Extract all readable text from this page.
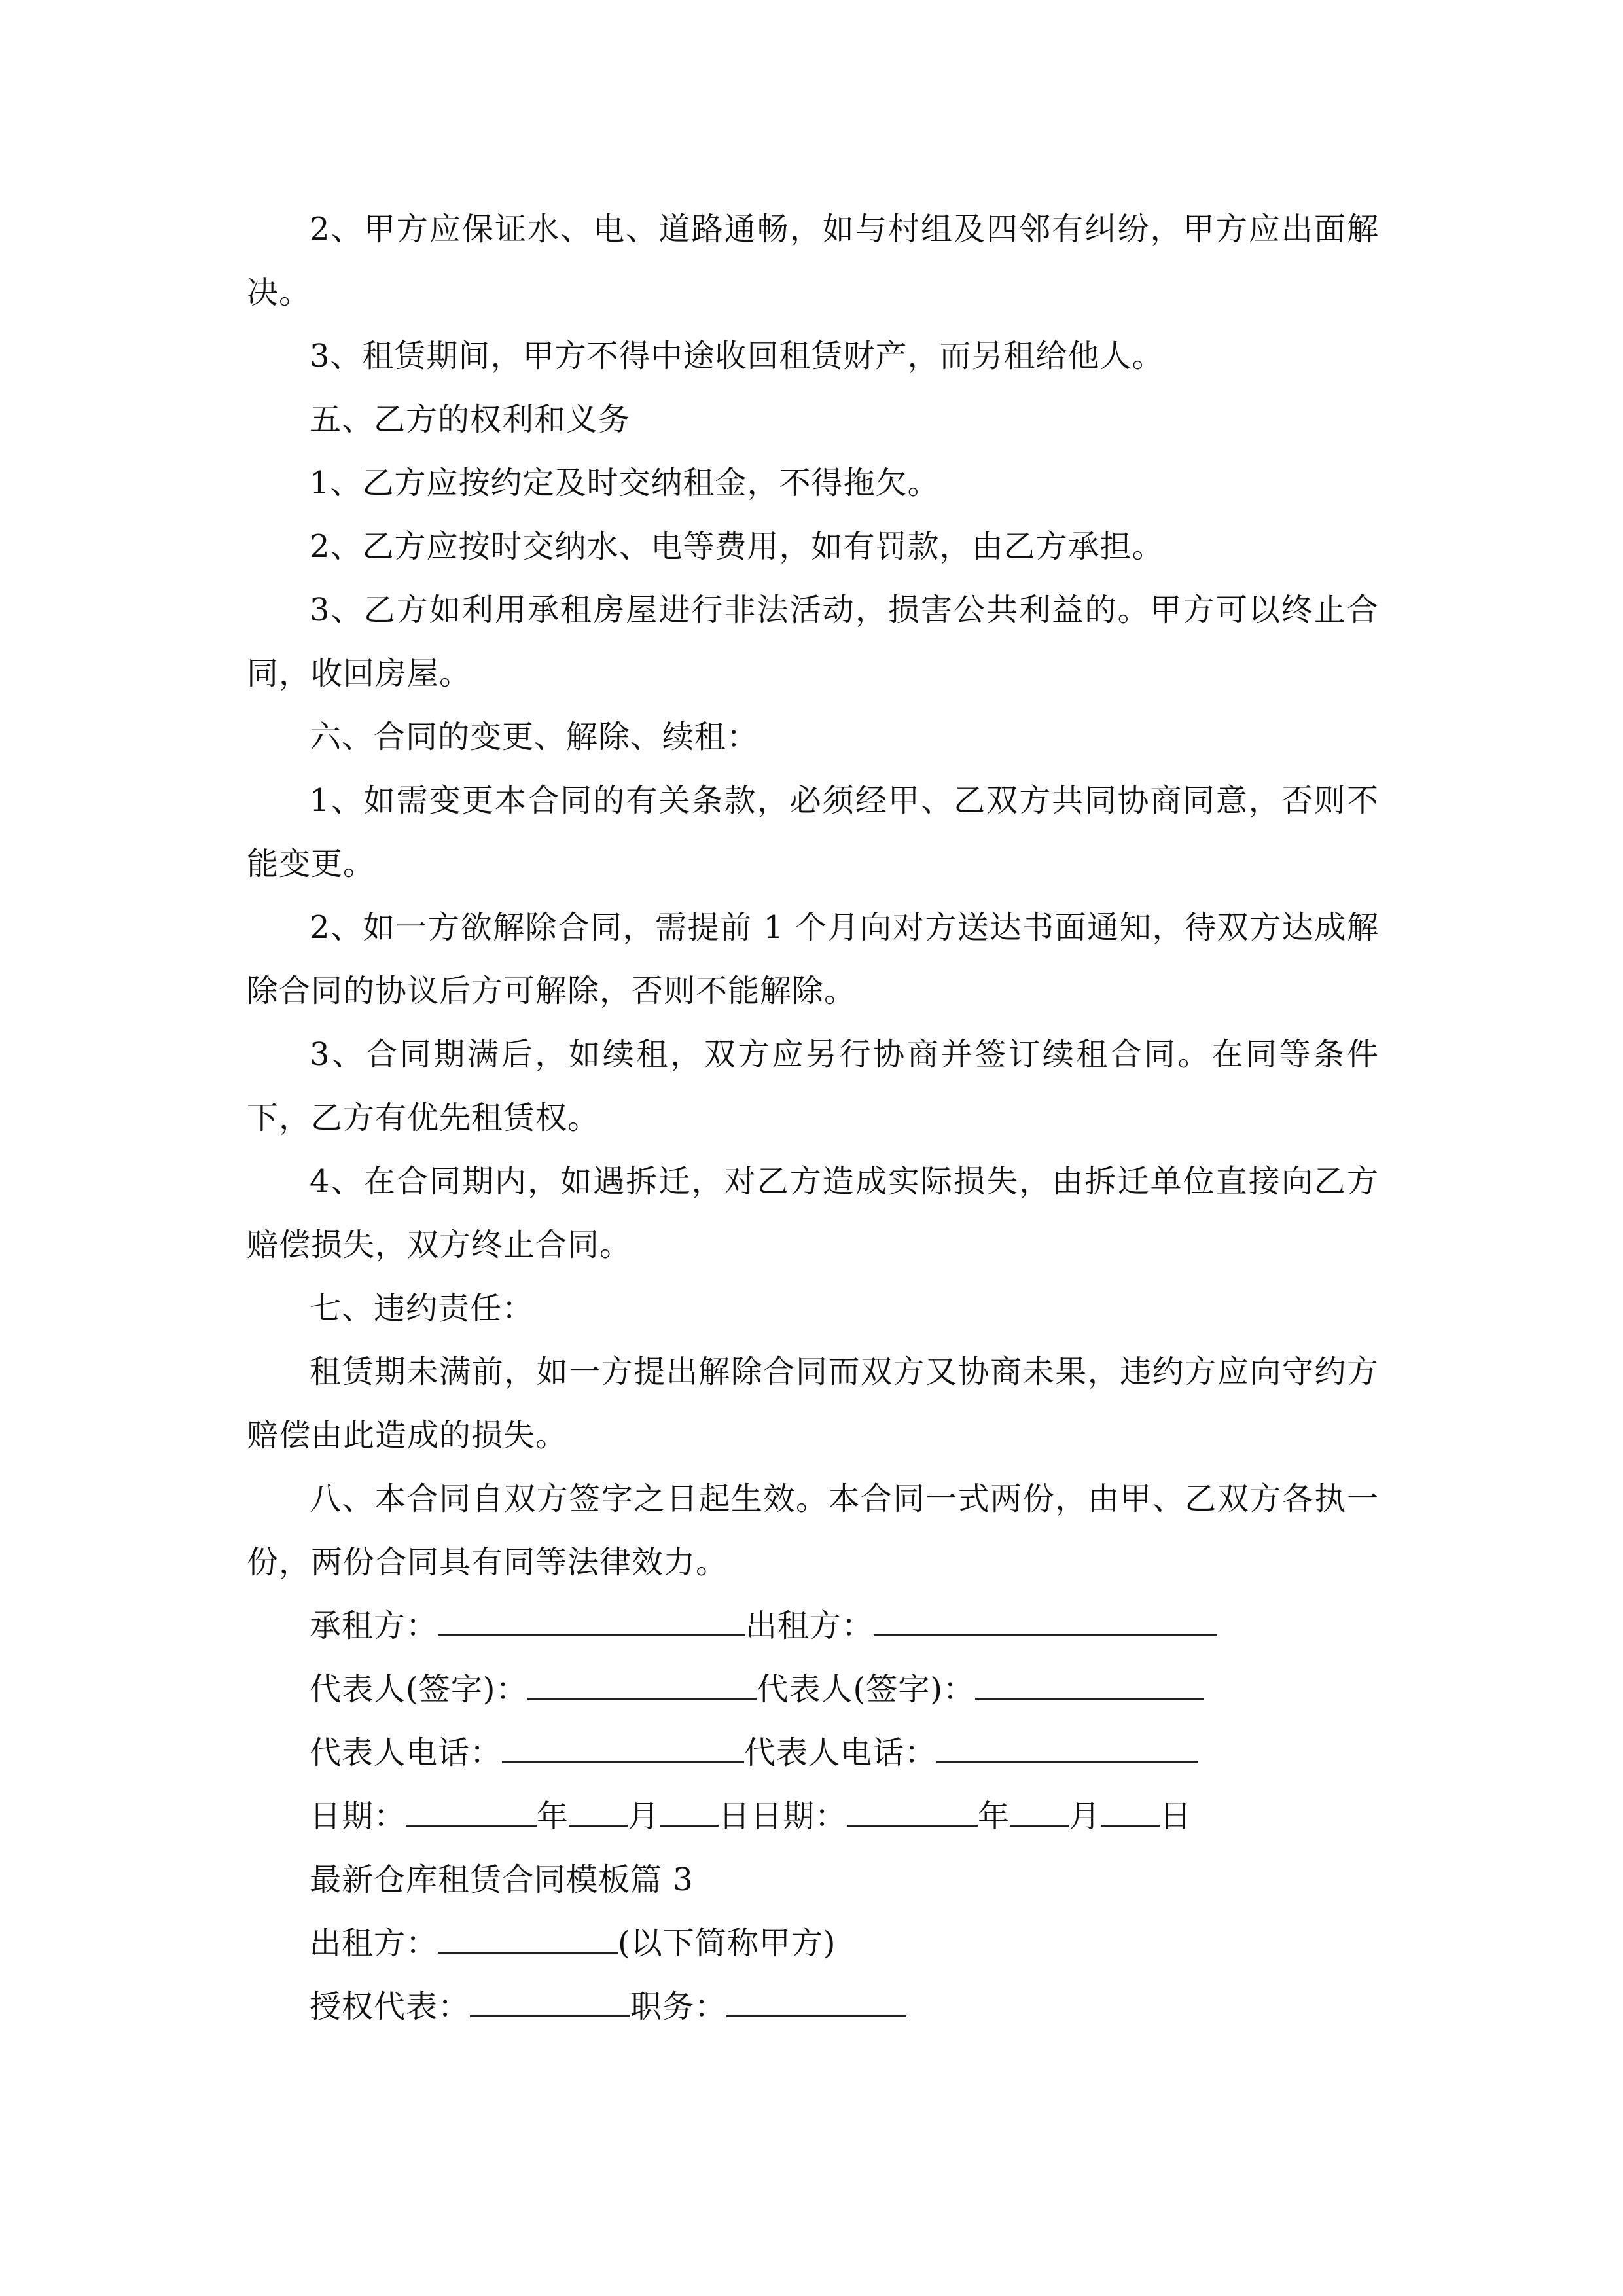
2、甲方应保证水、电、道路通畅，如与村组及四邻有纠纷，甲方应出面解决。

3、租赁期间，甲方不得中途收回租赁财产，而另租给他人。

五、乙方的权利和义务

1、乙方应按约定及时交纳租金，不得拖欠。

2、乙方应按时交纳水、电等费用，如有罚款，由乙方承担。

3、乙方如利用承租房屋进行非法活动，损害公共利益的。甲方可以终止合同，收回房屋。

六、合同的变更、解除、续租：

1、如需变更本合同的有关条款，必须经甲、乙双方共同协商同意，否则不能变更。

2、如一方欲解除合同，需提前 1 个月向对方送达书面通知，待双方达成解除合同的协议后方可解除，否则不能解除。

3、合同期满后，如续租，双方应另行协商并签订续租合同。在同等条件下，乙方有优先租赁权。

4、在合同期内，如遇拆迁，对乙方造成实际损失，由拆迁单位直接向乙方赔偿损失，双方终止合同。

七、违约责任：

租赁期未满前，如一方提出解除合同而双方又协商未果，违约方应向守约方赔偿由此造成的损失。

八、本合同自双方签字之日起生效。本合同一式两份，由甲、乙双方各执一份，两份合同具有同等法律效力。

承租方：	出租方：

代表人(签字)：	代表人(签字)：

代表人电话：	代表人电话：

日期：	年 月 日日期：	年 月 日

最新仓库租赁合同模板篇 3

出租方：	(以下简称甲方)

授权代表：	职务：
